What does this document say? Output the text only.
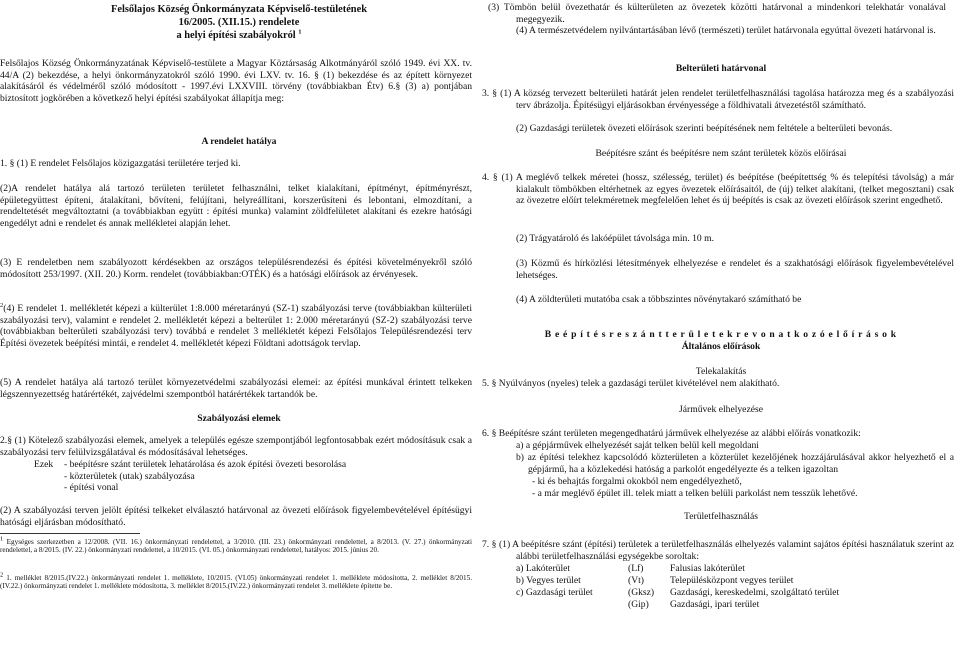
Felsőlajos Község Önkormányzata Képviselő-testületének
16/2005. (XII.15.) rendelete
a helyi építési szabályokról $^1$

Felsőlajos Község Önkormányzatának Képviselő-testülete a Magyar Köztársaság Alkotmányáról szóló 1949. évi XX. tv. 44/A (2) bekezdése, a helyi önkormányzatokról szóló 1990. évi LXV. tv. 16. § (1) bekezdése és az épített környezet alakításáról és védelméről szóló módosított - 1997.évi LXXVIII. törvény (továbbiakban Étv) 6.§ (3) a) pontjában biztosított jogkörében a következő helyi építési szabályokat állapítja meg:

A rendelet hatálya

1. § (1) E rendelet Felsőlajos közigazgatási területére terjed ki.

(2)A rendelet hatálya alá tartozó területen területet felhasználni, telket kialakítani, építményt, építményrészt, épületegyüttest építeni, átalakítani, bővíteni, felújítani, helyreállítani, korszerűsíteni és lebontani, elmozdítani, a rendeltetését megváltoztatni (a továbbiakban együtt : építési munka) valamint zöldfelületet alakítani és ezekre hatósági engedélyt adni e rendelet és annak mellékletei alapján lehet.

(3) E rendeletben nem szabályozott kérdésekben az országos településrendezési és építési követelményekről szóló módosított 253/1997. (XII. 20.) Korm. rendelet (továbbiakban:OTÉK) és a hatósági előírások az érvényesek.

$^2$(4) E rendelet 1. mellékletét képezi a külterület 1:8.000 méretarányú (SZ-1) szabályozási terve (továbbiakban külterületi szabályozási terv), valamint e rendelet 2. mellékletét képezi a belterület 1: 2.000 méretarányú (SZ-2) szabályozási terve (továbbiakban belterületi szabályozási terv) továbbá e rendelet 3 mellékletét képezi Felsőlajos Településrendezési terv Építési övezetek beépítési mintái, e rendelet 4. mellékletét képezi Földtani adottságok tervlap.

(5) A rendelet hatálya alá tartozó terület környezetvédelmi szabályozási elemei: az építési munkával érintett telkeken légszennyezettség határértékét, zajvédelmi szempontból határértékek tartandók be.

Szabályozási elemek

2.§ (1) Kötelező szabályozási elemek, amelyek a település egésze szempontjából legfontosabbak ezért módosításuk csak a szabályozási terv felülvizsgálatával és módosításával lehetséges.

Ezek - beépítésre szánt területek lehatárolása és azok építési övezeti besorolása
- közterületek (utak) szabályozása
- építési vonal

(2) A szabályozási terven jelölt építési telkeket elválasztó határvonal az övezeti előírások figyelembevételével építésügyi hatósági eljárásban módosítható.

$^1$ Egységes szerkezetben a 12/2008. (VII. 16.) önkormányzati rendelettel, a 3/2010. (III. 23.) önkormányzati rendelettel, a 8/2013. (V. 27.) önkormányzati rendelettel, a 8/2015. (IV. 22.) önkormányzati rendelettel, a 10/2015. (VI. 05.) önkormányzati rendelettel, hatályos: 2015. június 20.

$^2$ 1. melléklet 8/2015.(IV.22.) önkormányzati rendelet 1. melléklete, 10/2015. (VI.05) önkormányzati rendelet 1. melléklete módosította, 2. melléklet 8/2015.(IV.22.) önkormányzati rendelet 1. melléklete módosította, 3. melléklet 8/2015.(IV.22.) önkormányzati rendelet 3. melléklete építette be.

(3) Tömbön belül övezethatár és külterületen az övezetek közötti határvonal a mindenkori telekhatár vonalával megegyezik.

(4) A természetvédelem nyilvántartásában lévő (természeti) terület határvonala egyúttal övezeti határvonal is.

Belterületi határvonal

3. § (1) A község tervezett belterületi határát jelen rendelet területfelhasználási tagolása határozza meg és a szabályozási terv ábrázolja. Építésügyi eljárásokban érvényessége a földhivatali átvezetéstől számítható.

(2) Gazdasági területek övezeti előírások szerinti beépítésének nem feltétele a belterületi bevonás.

Beépítésre szánt és beépítésre nem szánt területek közös előírásai

4. § (1) A meglévő telkek méretei (hossz, szélesség, terület) és beépítése (beépítettség % és telepítési távolság) a már kialakult tömbökben eltérhetnek az egyes övezetek előírásaitól, de (új) telket alakítani, (telket megosztani) csak az övezetre előírt telekméretnek megfelelően lehet és új beépítés is csak az övezeti előírások szerint engedhető.

(2) Trágyatároló és lakóépület távolsága min. 10 m.

(3) Közmű és hírközlési létesítmények elhelyezése e rendelet és a szakhatósági előírások figyelembevételével lehetséges.

(4) A zöldterületi mutatóba csak a többszintes növénytakaró számítható be

B e é p í t é s r e s z á n t t e r ü l e t e k r e v o n a t k o z ó e l ő í r á s o k
Általános előírások
Telekalakítás

5. § Nyúlványos (nyeles) telek a gazdasági terület kivételével nem alakítható.

Járművek elhelyezése

6. § Beépítésre szánt területen megengedhatárú járművek elhelyezése az alábbi előírás vonatkozik:

a) a gépjárművek elhelyezését saját telken belül kell megoldani

b) az építési telekhez kapcsolódó közterületen a közterület kezelőjének hozzájárulásával akkor helyezhető el a gépjármű, ha a közlekedési hatóság a parkolót engedélyezte és a telken igazoltan

- ki és behajtás forgalmi okokból nem engedélyezhető,

- a már meglévő épület ill. telek miatt a telken belüli parkolást nem tesszük lehetővé.

Területfelhasználás

7. § (1) A beépítésre szánt (építési) területek a területfelhasználás elhelyezés valamint sajátos építési használatuk szerint az alábbi területfelhasználási egységekbe soroltak:

a) Lakóterület	(Lf)	Falusias lakóterület
b) Vegyes terület	(Vt)	Településközpont vegyes terület
c) Gazdasági terület	(Gksz) Gazdasági, kereskedelmi, szolgáltató terület
(Gip) Gazdasági, ipari terület
